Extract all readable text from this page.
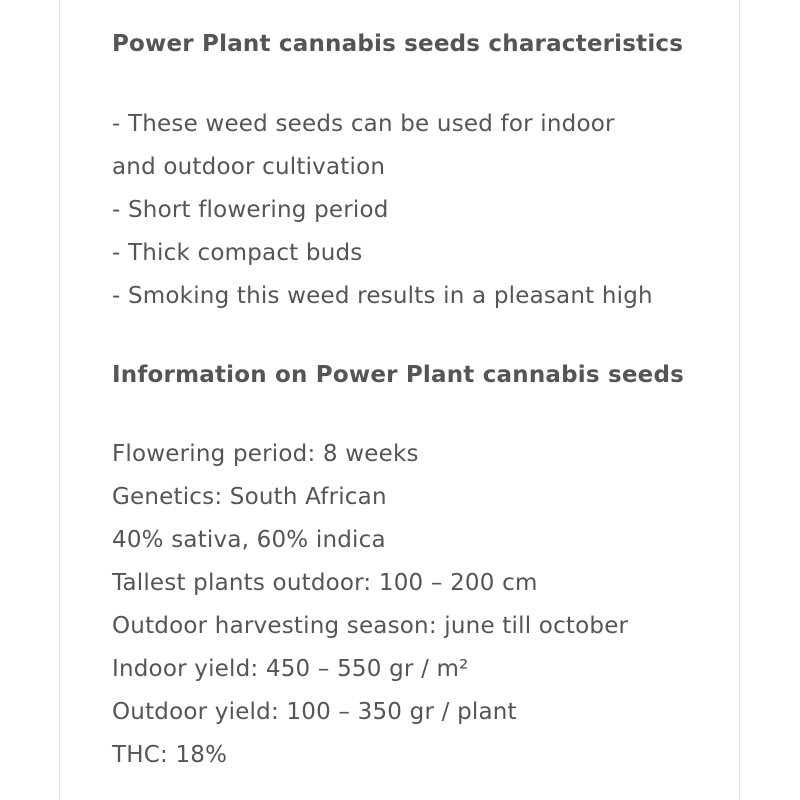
Power Plant cannabis seeds characteristics
- These weed seeds can be used for indoor
and outdoor cultivation
- Short flowering period
- Thick compact buds
- Smoking this weed results in a pleasant high
Information on Power Plant cannabis seeds
Flowering period: 8 weeks
Genetics: South African
40% sativa, 60% indica
Tallest plants outdoor: 100 – 200 cm
Outdoor harvesting season: june till october
Indoor yield: 450 – 550 gr / m²
Outdoor yield: 100 – 350 gr / plant
THC: 18%
